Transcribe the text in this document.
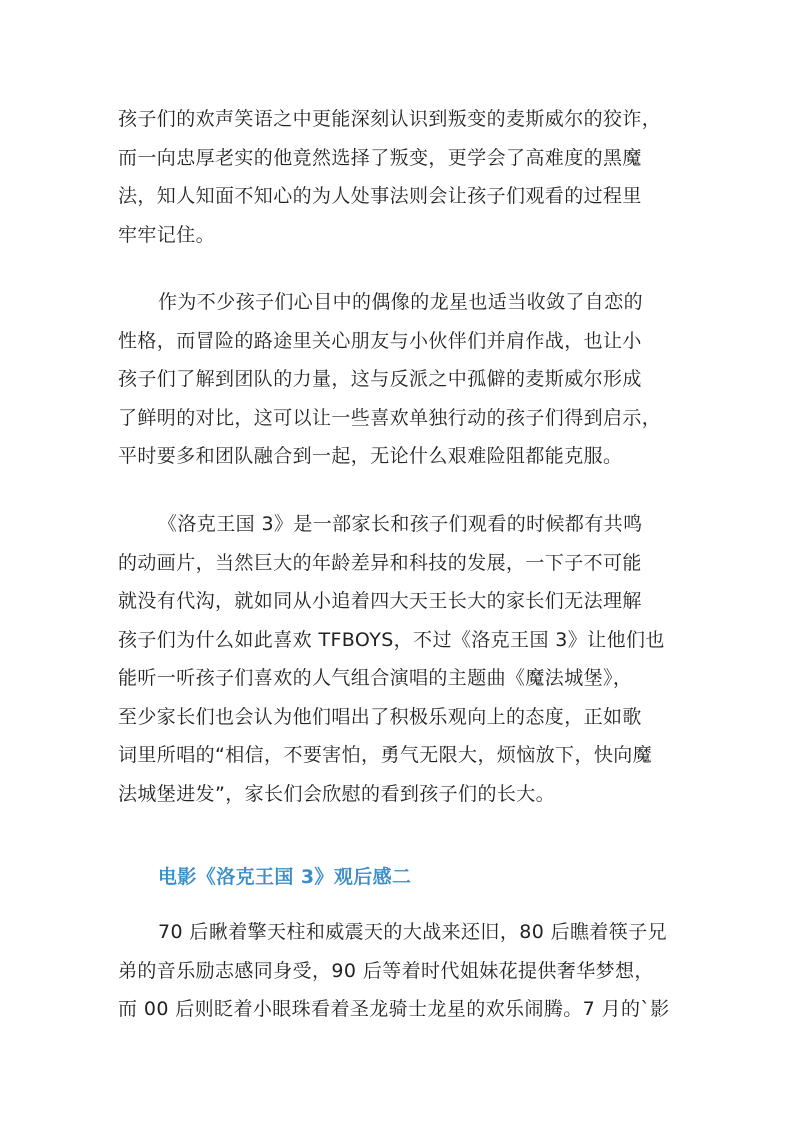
孩子们的欢声笑语之中更能深刻认识到叛变的麦斯威尔的狡诈，
而一向忠厚老实的他竟然选择了叛变，更学会了高难度的黑魔
法，知人知面不知心的为人处事法则会让孩子们观看的过程里
牢牢记住。
作为不少孩子们心目中的偶像的龙星也适当收敛了自恋的
性格，而冒险的路途里关心朋友与小伙伴们并肩作战，也让小
孩子们了解到团队的力量，这与反派之中孤僻的麦斯威尔形成
了鲜明的对比，这可以让一些喜欢单独行动的孩子们得到启示，
平时要多和团队融合到一起，无论什么艰难险阻都能克服。
《洛克王国 3》是一部家长和孩子们观看的时候都有共鸣
的动画片，当然巨大的年龄差异和科技的发展，一下子不可能
就没有代沟，就如同从小追着四大天王长大的家长们无法理解
孩子们为什么如此喜欢 TFBOYS，不过《洛克王国 3》让他们也
能听一听孩子们喜欢的人气组合演唱的主题曲《魔法城堡》，
至少家长们也会认为他们唱出了积极乐观向上的态度，正如歌
词里所唱的“相信，不要害怕，勇气无限大，烦恼放下，快向魔
法城堡进发”，家长们会欣慰的看到孩子们的长大。
电影《洛克王国 3》观后感二
70 后瞅着擎天柱和威震天的大战来还旧，80 后瞧着筷子兄
弟的音乐励志感同身受，90 后等着时代姐妹花提供奢华梦想，
而 00 后则眨着小眼珠看着圣龙骑士龙星的欢乐闹腾。7 月的`影
